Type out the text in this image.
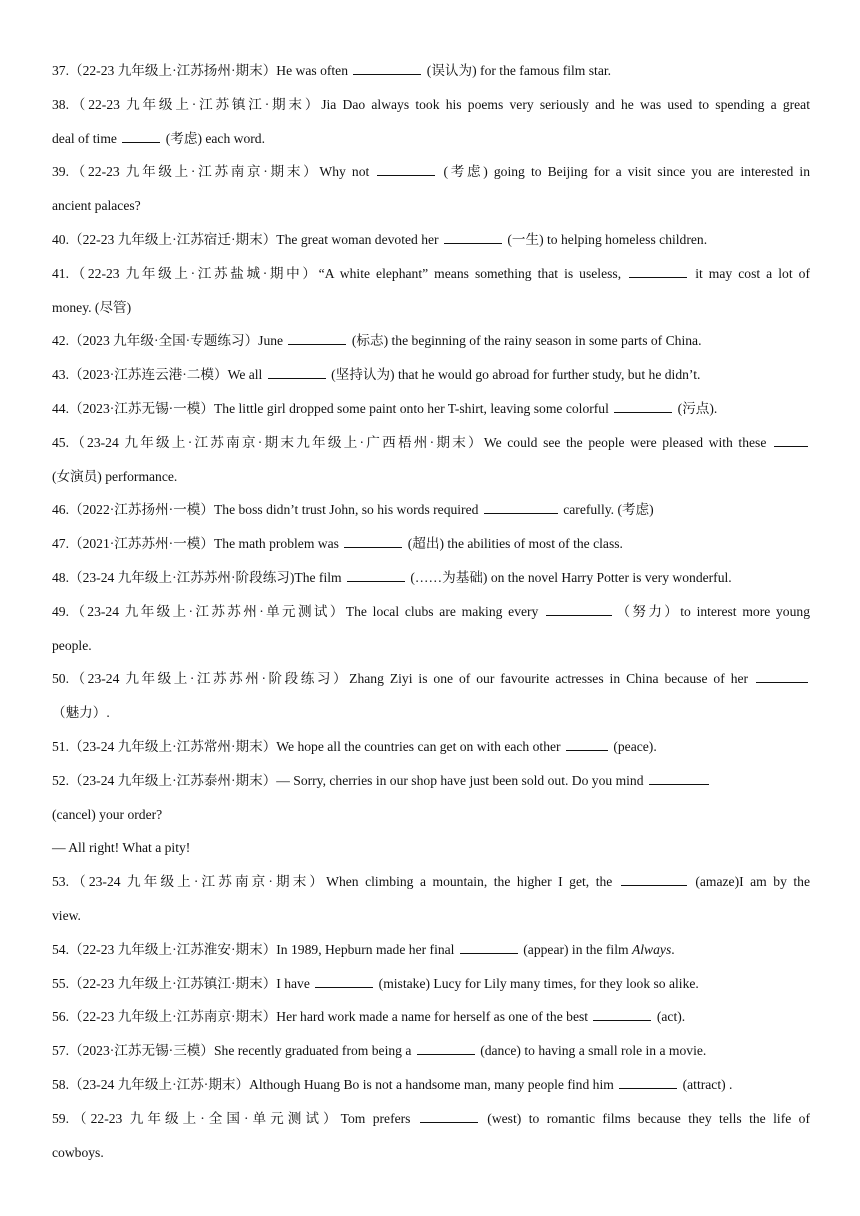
37.（22-23 九年级上·江苏扬州·期末）He was often	(误认为) for the famous film star.
38.（22-23 九年级上·江苏镇江·期末）Jia Dao always took his poems very seriously and he was used to spending a great
deal of time	(考虑) each word.
39.（22-23 九年级上·江苏南京·期末）Why not	(考虑) going to Beijing for a visit since you are interested in
ancient palaces?
40.（22-23 九年级上·江苏宿迁·期末）The great woman devoted her	(一生) to helping homeless children.
41.（22-23 九年级上·江苏盐城·期中）“A white elephant” means something that is useless,	it may cost a lot of
money. (尽管)
42.（2023 九年级·全国·专题练习）June	(标志) the beginning of the rainy season in some parts of China.
43.（2023·江苏连云港·二模）We all	(坚持认为) that he would go abroad for further study, but he didn’t.
44.（2023·江苏无锡·一模）The little girl dropped some paint onto her T-shirt, leaving some colorful	(污点).
45.（23-24 九年级上·江苏南京·期末九年级上·广西梧州·期末）We could see the people were pleased with these
(女演员) performance.
46.（2022·江苏扬州·一模）The boss didn’t trust John, so his words required	carefully. (考虑)
47.（2021·江苏苏州·一模）The math problem was	(超出) the abilities of most of the class.
48.（23-24 九年级上·江苏苏州·阶段练习)The film	(……为基础) on the novel Harry Potter is very wonderful.
49.（23-24 九年级上·江苏苏州·单元测试）The local clubs are making every	（努力）to interest more young
people.
50.（23-24 九年级上·江苏苏州·阶段练习）Zhang Ziyi is one of our favourite actresses in China because of her
（魅力）.
51.（23-24 九年级上·江苏常州·期末）We hope all the countries can get on with each other	(peace).
52.（23-24 九年级上·江苏泰州·期末）— Sorry, cherries in our shop have just been sold out. Do you mind
(cancel) your order?
— All right! What a pity!
53.（23-24 九年级上·江苏南京·期末）When climbing a mountain, the higher I get, the	(amaze)I am by the
view.
54.（22-23 九年级上·江苏淮安·期末）In 1989, Hepburn made her final	(appear) in the film Always.
55.（22-23 九年级上·江苏镇江·期末）I have	(mistake) Lucy for Lily many times, for they look so alike.
56.（22-23 九年级上·江苏南京·期末）Her hard work made a name for herself as one of the best	(act).
57.（2023·江苏无锡·三模）She recently graduated from being a	(dance) to having a small role in a movie.
58.（23-24 九年级上·江苏·期末）Although Huang Bo is not a handsome man, many people find him	(attract) .
59.（22-23 九年级上·全国·单元测试）Tom prefers	(west) to romantic films because they tells the life of
cowboys.
